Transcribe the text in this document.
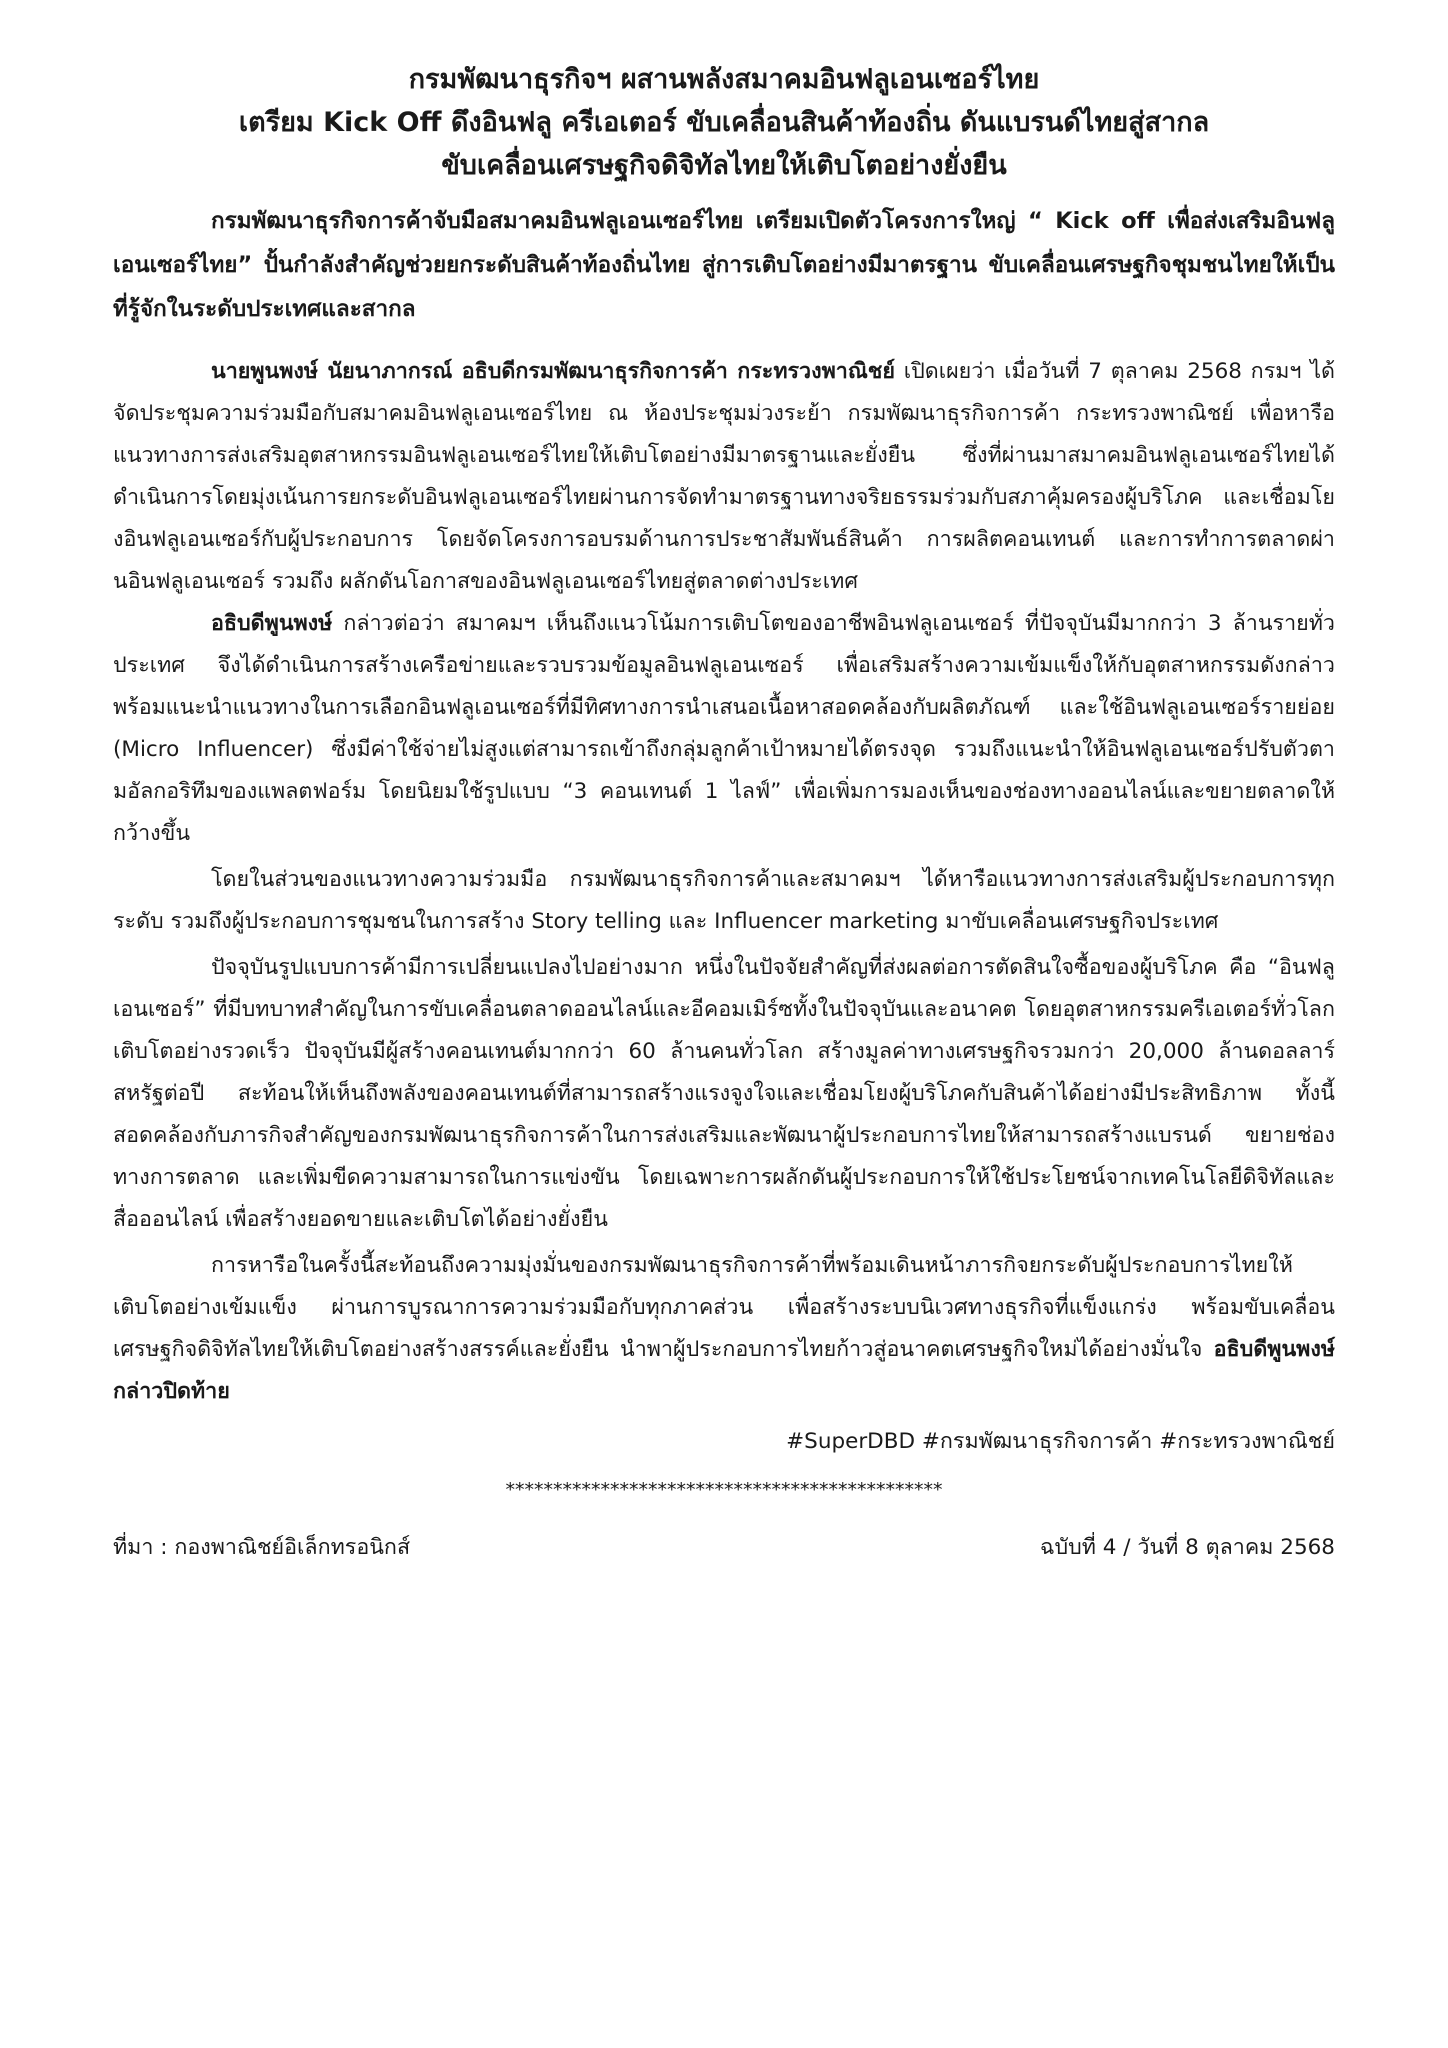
กรมพัฒนาธุรกิจฯ ผสานพลังสมาคมอินฟลูเอนเซอร์ไทย

เตรียม Kick Off ดึงอินฟลู ครีเอเตอร์ ขับเคลื่อนสินค้าท้องถิ่น ดันแบรนด์ไทยสู่สากล

ขับเคลื่อนเศรษฐกิจดิจิทัลไทยให้เติบโตอย่างยั่งยืน

กรมพัฒนาธุรกิจการค้าจับมือสมาคมอินฟลูเอนเซอร์ไทย เตรียมเปิดตัวโครงการใหญ่ “ Kick off เพื่อส่งเสริมอินฟลูเอนเซอร์ไทย” ปั้นกำลังสำคัญช่วยยกระดับสินค้าท้องถิ่นไทย สู่การเติบโตอย่างมีมาตรฐาน ขับเคลื่อนเศรษฐกิจชุมชนไทยให้เป็นที่รู้จักในระดับประเทศและสากล

นายพูนพงษ์ นัยนาภากรณ์ อธิบดีกรมพัฒนาธุรกิจการค้า กระทรวงพาณิชย์ เปิดเผยว่า เมื่อวันที่ 7 ตุลาคม 2568 กรมฯ ได้จัดประชุมความร่วมมือกับสมาคมอินฟลูเอนเซอร์ไทย ณ ห้องประชุมม่วงระย้า กรมพัฒนาธุรกิจการค้า กระทรวงพาณิชย์ เพื่อหารือแนวทางการส่งเสริมอุตสาหกรรมอินฟลูเอนเซอร์ไทยให้เติบโตอย่างมีมาตรฐานและยั่งยืน ซึ่งที่ผ่านมาสมาคมอินฟลูเอนเซอร์ไทยได้ดำเนินการโดยมุ่งเน้นการยกระดับอินฟลูเอนเซอร์ไทยผ่านการจัดทำมาตรฐานทางจริยธรรมร่วมกับสภาคุ้มครองผู้บริโภค และเชื่อมโยงอินฟลูเอนเซอร์กับผู้ประกอบการ โดยจัดโครงการอบรมด้านการประชาสัมพันธ์สินค้า การผลิตคอนเทนต์ และการทำการตลาดผ่านอินฟลูเอนเซอร์ รวมถึง ผลักดันโอกาสของอินฟลูเอนเซอร์ไทยสู่ตลาดต่างประเทศ

อธิบดีพูนพงษ์ กล่าวต่อว่า สมาคมฯ เห็นถึงแนวโน้มการเติบโตของอาชีพอินฟลูเอนเซอร์ ที่ปัจจุบันมีมากกว่า 3 ล้านรายทั่วประเทศ จึงได้ดำเนินการสร้างเครือข่ายและรวบรวมข้อมูลอินฟลูเอนเซอร์ เพื่อเสริมสร้างความเข้มแข็งให้กับอุตสาหกรรมดังกล่าว พร้อมแนะนำแนวทางในการเลือกอินฟลูเอนเซอร์ที่มีทิศทางการนำเสนอเนื้อหาสอดคล้องกับผลิตภัณฑ์ และใช้อินฟลูเอนเซอร์รายย่อย (Micro Influencer) ซึ่งมีค่าใช้จ่ายไม่สูงแต่สามารถเข้าถึงกลุ่มลูกค้าเป้าหมายได้ตรงจุด รวมถึงแนะนำให้อินฟลูเอนเซอร์ปรับตัวตามอัลกอริทึมของแพลตฟอร์ม โดยนิยมใช้รูปแบบ “3 คอนเทนต์ 1 ไลฟ์” เพื่อเพิ่มการมองเห็นของช่องทางออนไลน์และขยายตลาดให้กว้างขึ้น

โดยในส่วนของแนวทางความร่วมมือ กรมพัฒนาธุรกิจการค้าและสมาคมฯ ได้หารือแนวทางการส่งเสริมผู้ประกอบการทุกระดับ รวมถึงผู้ประกอบการชุมชนในการสร้าง Story telling และ Influencer marketing มาขับเคลื่อนเศรษฐกิจประเทศ

ปัจจุบันรูปแบบการค้ามีการเปลี่ยนแปลงไปอย่างมาก หนึ่งในปัจจัยสำคัญที่ส่งผลต่อการตัดสินใจซื้อของผู้บริโภค คือ “อินฟลูเอนเซอร์” ที่มีบทบาทสำคัญในการขับเคลื่อนตลาดออนไลน์และอีคอมเมิร์ซทั้งในปัจจุบันและอนาคต โดยอุตสาหกรรมครีเอเตอร์ทั่วโลกเติบโตอย่างรวดเร็ว ปัจจุบันมีผู้สร้างคอนเทนต์มากกว่า 60 ล้านคนทั่วโลก สร้างมูลค่าทางเศรษฐกิจรวมกว่า 20,000 ล้านดอลลาร์สหรัฐต่อปี สะท้อนให้เห็นถึงพลังของคอนเทนต์ที่สามารถสร้างแรงจูงใจและเชื่อมโยงผู้บริโภคกับสินค้าได้อย่างมีประสิทธิภาพ ทั้งนี้ สอดคล้องกับภารกิจสำคัญของกรมพัฒนาธุรกิจการค้าในการส่งเสริมและพัฒนาผู้ประกอบการไทยให้สามารถสร้างแบรนด์ ขยายช่องทางการตลาด และเพิ่มขีดความสามารถในการแข่งขัน โดยเฉพาะการผลักดันผู้ประกอบการให้ใช้ประโยชน์จากเทคโนโลยีดิจิทัลและสื่อออนไลน์ เพื่อสร้างยอดขายและเติบโตได้อย่างยั่งยืน

การหารือในครั้งนี้สะท้อนถึงความมุ่งมั่นของกรมพัฒนาธุรกิจการค้าที่พร้อมเดินหน้าภารกิจยกระดับผู้ประกอบการไทยให้เติบโตอย่างเข้มแข็ง ผ่านการบูรณาการความร่วมมือกับทุกภาคส่วน เพื่อสร้างระบบนิเวศทางธุรกิจที่แข็งแกร่ง พร้อมขับเคลื่อนเศรษฐกิจดิจิทัลไทยให้เติบโตอย่างสร้างสรรค์และยั่งยืน นำพาผู้ประกอบการไทยก้าวสู่อนาคตเศรษฐกิจใหม่ได้อย่างมั่นใจ อธิบดีพูนพงษ์ กล่าวปิดท้าย

#SuperDBD #กรมพัฒนาธุรกิจการค้า #กระทรวงพาณิชย์

**********************************************

ที่มา : กองพาณิชย์อิเล็กทรอนิกส์	ฉบับที่ 4 / วันที่ 8 ตุลาคม 2568
